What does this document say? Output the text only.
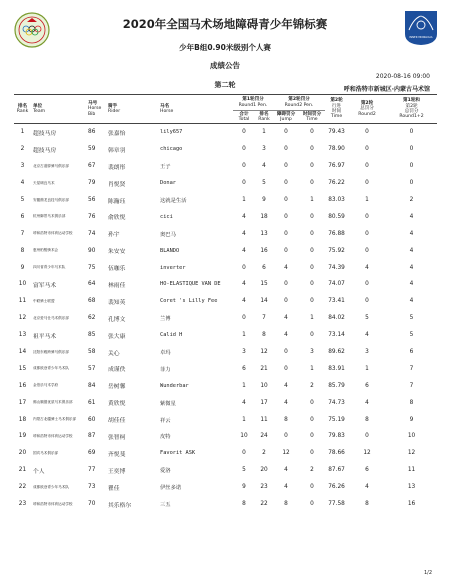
内蒙古
INNER MONGOLIA
2020年全国马术场地障碍青少年锦标赛
少年B组0.90米级别个人赛
成绩公告
2020-08-16 09:00
第二轮
呼和浩特市新城区·内蒙古马术馆
排名
Rank	单位
Team	马号
Horse
Bib	骑手
Rider	马名
Horse	第1轮罚分
Round1 Pen.		第2轮罚分
Round2 Pen.		第2轮
行进
时间
Time	第2轮
总罚分
Round2	第1轮和
第2轮
总罚分
Round1+2

					合计
Total	排名
Rank	障碍罚分
Jump	时间罚分
Time			

1	超技马房	86	张嘉怡	lily657	0	1	0	0	79.43	0	0
2	超技马房	59	韩章羽	chicago	0	3	0	0	78.90	0	0
3	北京古道驿骑马俱乐部	67	裴朗彤	王子	0	4	0	0	76.97	0	0
4	天星调良马术	79	肖悦贤	Donar	0	5	0	0	76.22	0	0
5	安徽鼎龙良技马俱乐部	56	陈瀚珏	这就是生活	1	9	0	1	83.03	1	2
6	杭州御景马术俱乐部	76	俞欣悦	cici	4	18	0	0	80.59	0	4
7	呼和浩特市体育运动学校	74	孙宇	奥巴马	4	13	0	0	76.88	0	4
8	惠州柏骏骑术会	90	朱安安	BLANDO	4	16	0	0	75.92	0	4
9	四川省青少年马术队	75	伍咖乐	inverter	0	6	4	0	74.39	4	4
10	富军马术	64	林雨佳	HO-ELASTIQUE VAN DE	4	15	0	0	74.07	0	4
11	中联骑士联盟	68	裴知英	Coret 's Lilly Fee	4	14	0	0	73.41	0	4
12	北京爱马仕马术俱乐部	62	孔博文	兰博	0	7	4	1	84.02	5	5
13	祖平马术	85	张大康	Calid H	1	8	4	0	73.14	4	5
14	沈阳东雅跨骑马俱乐部	58	关心	卓玛	3	12	0	3	89.62	3	6
15	成都欧登青少年马术队	57	成谨佚	菲力	6	21	0	1	83.91	1	7
16	金伯乐马术学府	84	岳树馨	Wunderbar	1	10	4	2	85.79	6	7
17	佛山顺德优质马术俱乐部	61	黄欣悦	紫微星	4	17	4	0	74.73	4	8
18	内蒙古北疆骑士马术俱乐部	60	胡佳佳	祥云	1	11	8	0	75.19	8	9
19	呼和浩特市体育运动学校	87	张智柯	皮特	10	24	0	0	79.83	0	10
20	国宾马术俱乐部	69	齐悦斐	Favorit ASK	0	2	12	0	78.66	12	12
21	个人	77	王奕博	爱洛	5	20	4	2	87.67	6	11
22	成都欧登青少年马术队	73	瞿佳	伊丝多诺	9	23	4	0	76.26	4	13
23	呼和浩特市体育运动学校	70	其乐格尔	三五	8	22	8	0	77.58	8	16
1/2
